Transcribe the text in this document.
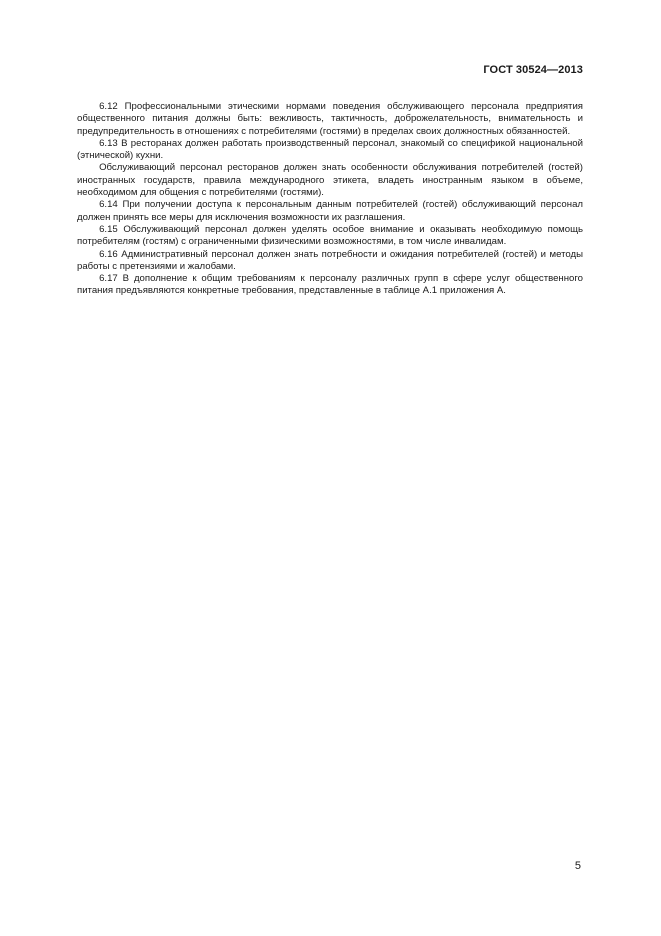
ГОСТ 30524—2013

6.12 Профессиональными этическими нормами поведения обслуживающего персонала предприятия общественного питания должны быть: вежливость, тактичность, доброжелательность, внимательность и предупредительность в отношениях с потребителями (гостями) в пределах своих должностных обязанностей.

6.13 В ресторанах должен работать производственный персонал, знакомый со спецификой национальной (этнической) кухни.

Обслуживающий персонал ресторанов должен знать особенности обслуживания потребителей (гостей) иностранных государств, правила международного этикета, владеть иностранным языком в объеме, необходимом для общения с потребителями (гостями).

6.14 При получении доступа к персональным данным потребителей (гостей) обслуживающий персонал должен принять все меры для исключения возможности их разглашения.

6.15 Обслуживающий персонал должен уделять особое внимание и оказывать необходимую помощь потребителям (гостям) с ограниченными физическими возможностями, в том числе инвалидам.

6.16 Административный персонал должен знать потребности и ожидания потребителей (гостей) и методы работы с претензиями и жалобами.

6.17 В дополнение к общим требованиям к персоналу различных групп в сфере услуг общественного питания предъявляются конкретные требования, представленные в таблице А.1 приложения А.

5
